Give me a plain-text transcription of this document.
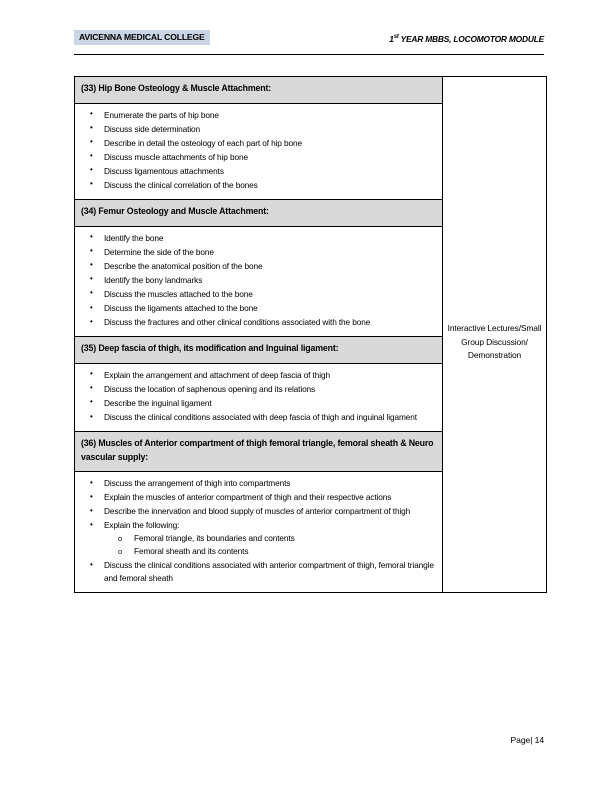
AVICENNA MEDICAL COLLEGE	1st YEAR MBBS, LOCOMOTOR MODULE
(33) Hip Bone Osteology & Muscle Attachment:
• Enumerate the parts of hip bone
• Discuss side determination
• Describe in detail the osteology of each part of hip bone
• Discuss muscle attachments of hip bone
• Discuss ligamentous attachments
• Discuss the clinical correlation of the bones
(34) Femur Osteology and Muscle Attachment:
• Identify the bone
• Determine the side of the bone
• Describe the anatomical position of the bone
• Identify the bony landmarks
• Discuss the muscles attached to the bone
• Discuss the ligaments attached to the bone
• Discuss the fractures and other clinical conditions associated with the bone
(35) Deep fascia of thigh, its modification and Inguinal ligament:
• Explain the arrangement and attachment of deep fascia of thigh
• Discuss the location of saphenous opening and its relations
• Describe the inguinal ligament
• Discuss the clinical conditions associated with deep fascia of thigh and inguinal ligament
(36) Muscles of Anterior compartment of thigh femoral triangle, femoral sheath & Neuro vascular supply:
• Discuss the arrangement of thigh into compartments
• Explain the muscles of anterior compartment of thigh and their respective actions
• Describe the innervation and blood supply of muscles of anterior compartment of thigh
• Explain the following:
o Femoral triangle, its boundaries and contents
o Femoral sheath and its contents
• Discuss the clinical conditions associated with anterior compartment of thigh, femoral triangle and femoral sheath

Interactive Lectures/Small Group Discussion/ Demonstration
Page| 14
